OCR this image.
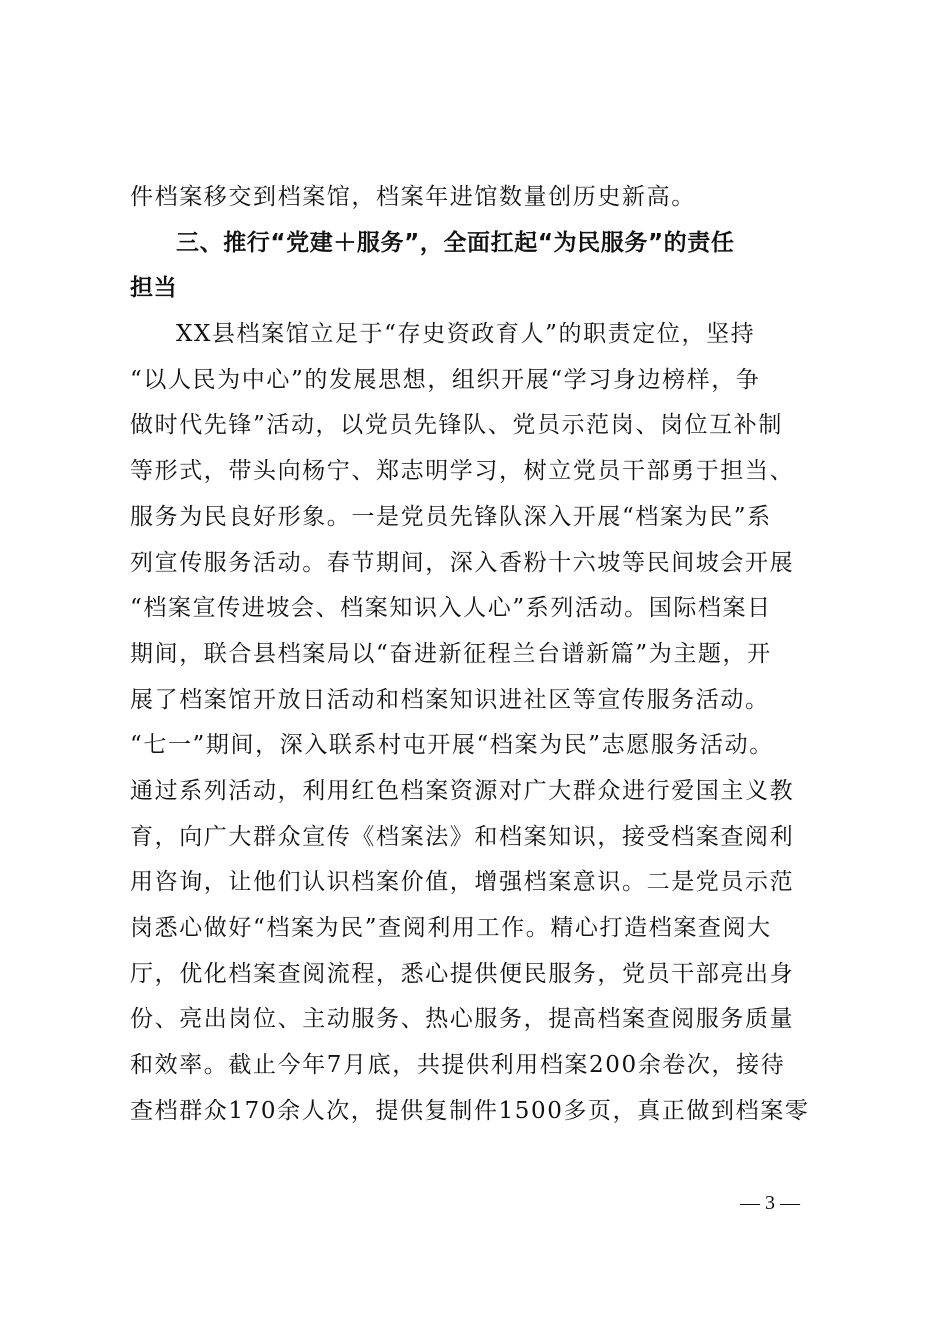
件档案移交到档案馆，档案年进馆数量创历史新高。
三、推行“党建＋服务”，全面扛起“为民服务”的责任
担当
XX县档案馆立足于“存史资政育人”的职责定位，坚持
“以人民为中心”的发展思想，组织开展“学习身边榜样，争
做时代先锋”活动，以党员先锋队、党员示范岗、岗位互补制
等形式，带头向杨宁、郑志明学习，树立党员干部勇于担当、
服务为民良好形象。一是党员先锋队深入开展“档案为民”系
列宣传服务活动。春节期间，深入香粉十六坡等民间坡会开展
“档案宣传进坡会、档案知识入人心”系列活动。国际档案日
期间，联合县档案局以“奋进新征程兰台谱新篇”为主题，开
展了档案馆开放日活动和档案知识进社区等宣传服务活动。
“七一”期间，深入联系村屯开展“档案为民”志愿服务活动。
通过系列活动，利用红色档案资源对广大群众进行爱国主义教
育，向广大群众宣传《档案法》和档案知识，接受档案查阅利
用咨询，让他们认识档案价值，增强档案意识。二是党员示范
岗悉心做好“档案为民”查阅利用工作。精心打造档案查阅大
厅，优化档案查阅流程，悉心提供便民服务，党员干部亮出身
份、亮出岗位、主动服务、热心服务，提高档案查阅服务质量
和效率。截止今年7月底，共提供利用档案200余卷次，接待
查档群众170余人次，提供复制件1500多页，真正做到档案零
— 3 —
